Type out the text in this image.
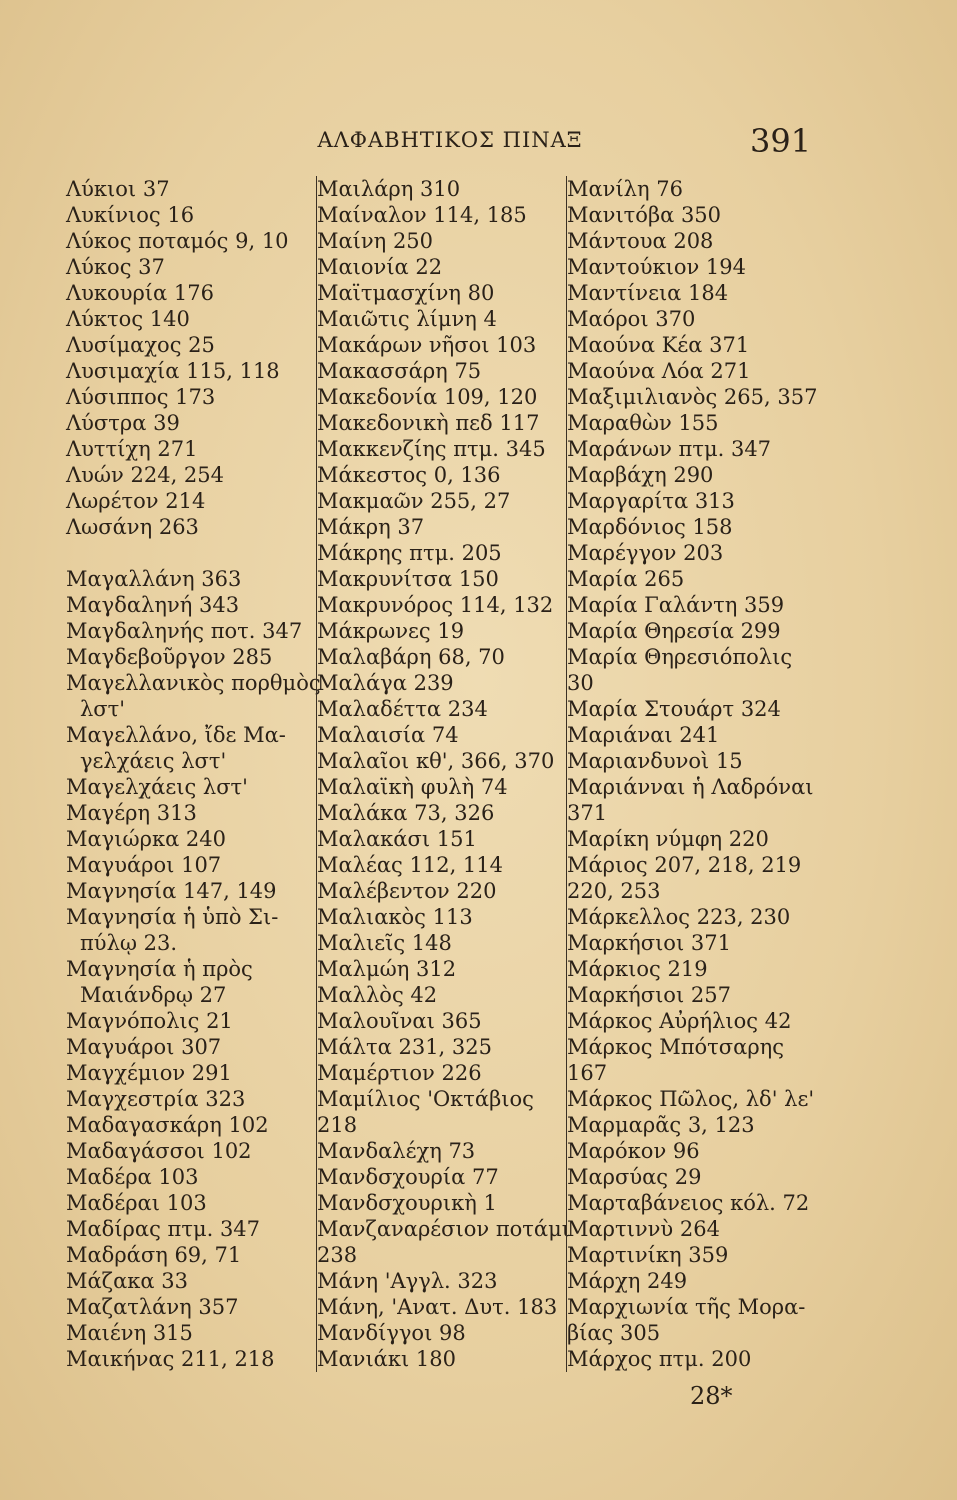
ΑΛΦΑΒΗΤΙΚΟΣ ΠΙΝΑΞ	391
Λύκιοι 37
Λυκίνιος 16
Λύκος ποταμός 9, 10
Λύκος 37
Λυκουρία 176
Λύκτος 140
Λυσίμαχος 25
Λυσιμαχία 115, 118
Λύσιππος 173
Λύστρα 39
Λυττίχη 271
Λυών 224, 254
Λωρέτον 214
Λωσάνη 263
Μαγαλλάνη 363
Μαγδαληνή 343
Μαγδαληνής ποτ. 347
Μαγδεβοῦργον 285
Μαγελλανικὸς πορθμὸς
λστ'
Μαγελλάνο, ἴδε Μα-
γελχάεις λστ'
Μαγελχάεις λστ'
Μαγέρη 313
Μαγιώρκα 240
Μαγυάροι 107
Μαγνησία 147, 149
Μαγνησία ἡ ὑπὸ Σι-
πύλῳ 23.
Μαγνησία ἡ πρὸς
Μαιάνδρῳ 27
Μαγνόπολις 21
Μαγυάροι 307
Μαγχέμιον 291
Μαγχεστρία 323
Μαδαγασκάρη 102
Μαδαγάσσοι 102
Μαδέρα 103
Μαδέραι 103
Μαδίρας πτμ. 347
Μαδράση 69, 71
Μάζακα 33
Μαζατλάνη 357
Μαιένη 315
Μαικήνας 211, 218
Μαιλάρη 310
Μαίναλον 114, 185
Μαίνη 250
Μαιονία 22
Μαϊτμασχίνη 80
Μαιῶτις λίμνη 4
Μακάρων νῆσοι 103
Μακασσάρη 75
Μακεδονία 109, 120
Μακεδονικὴ πεδ 117
Μακκενζίης πτμ. 345
Μάκεστος 0, 136
Μακμαῶν 255, 27
Μάκρη 37
Μάκρης πτμ. 205
Μακρυνίτσα 150
Μακρυνόρος 114, 132
Μάκρωνες 19
Μαλαβάρη 68, 70
Μαλάγα 239
Μαλαδέττα 234
Μαλαισία 74
Μαλαῖοι κθ', 366, 370
Μαλαϊκὴ φυλὴ 74
Μαλάκα 73, 326
Μαλακάσι 151
Μαλέας 112, 114
Μαλέβεντον 220
Μαλιακὸς 113
Μαλιεῖς 148
Μαλμώη 312
Μαλλὸς 42
Μαλουῖναι 365
Μάλτα 231, 325
Μαμέρτιον 226
Μαμίλιος 'Οκτάβιος
218
Μανδαλέχη 73
Μανδσχουρία 77
Μανδσχουρικὴ 1
Μανζαναρέσιον ποτάμι
238
Μάνη 'Αγγλ. 323
Μάνη, 'Ανατ. Δυτ. 183
Μανδίγγοι 98
Μανιάκι 180
Μανίλη 76
Μανιτόβα 350
Μάντουα 208
Μαντούκιον 194
Μαντίνεια 184
Μαόροι 370
Μαούνα Κέα 371
Μαούνα Λόα 271
Μαξιμιλιανὸς 265, 357
Μαραθὼν 155
Μαράνων πτμ. 347
Μαρβάχη 290
Μαργαρίτα 313
Μαρδόνιος 158
Μαρέγγον 203
Μαρία 265
Μαρία Γαλάντη 359
Μαρία Θηρεσία 299
Μαρία Θηρεσιόπολις
30
Μαρία Στουάρτ 324
Μαριάναι 241
Μαριανδυνοὶ 15
Μαριάνναι ἡ Λαδρόναι
371
Μαρίκη νύμφη 220
Μάριος 207, 218, 219
220, 253
Μάρκελλος 223, 230
Μαρκήσιοι 371
Μάρκιος 219
Μαρκήσιοι 257
Μάρκος Αὐρήλιος 42
Μάρκος Μπότσαρης
167
Μάρκος Πῶλος, λδ' λε'
Μαρμαρᾶς 3, 123
Μαρόκον 96
Μαρσύας 29
Μαρταβάνειος κόλ. 72
Μαρτιννὺ 264
Μαρτινίκη 359
Μάρχη 249
Μαρχιωνία τῆς Μορα-
βίας 305
Μάρχος πτμ. 200
28*
